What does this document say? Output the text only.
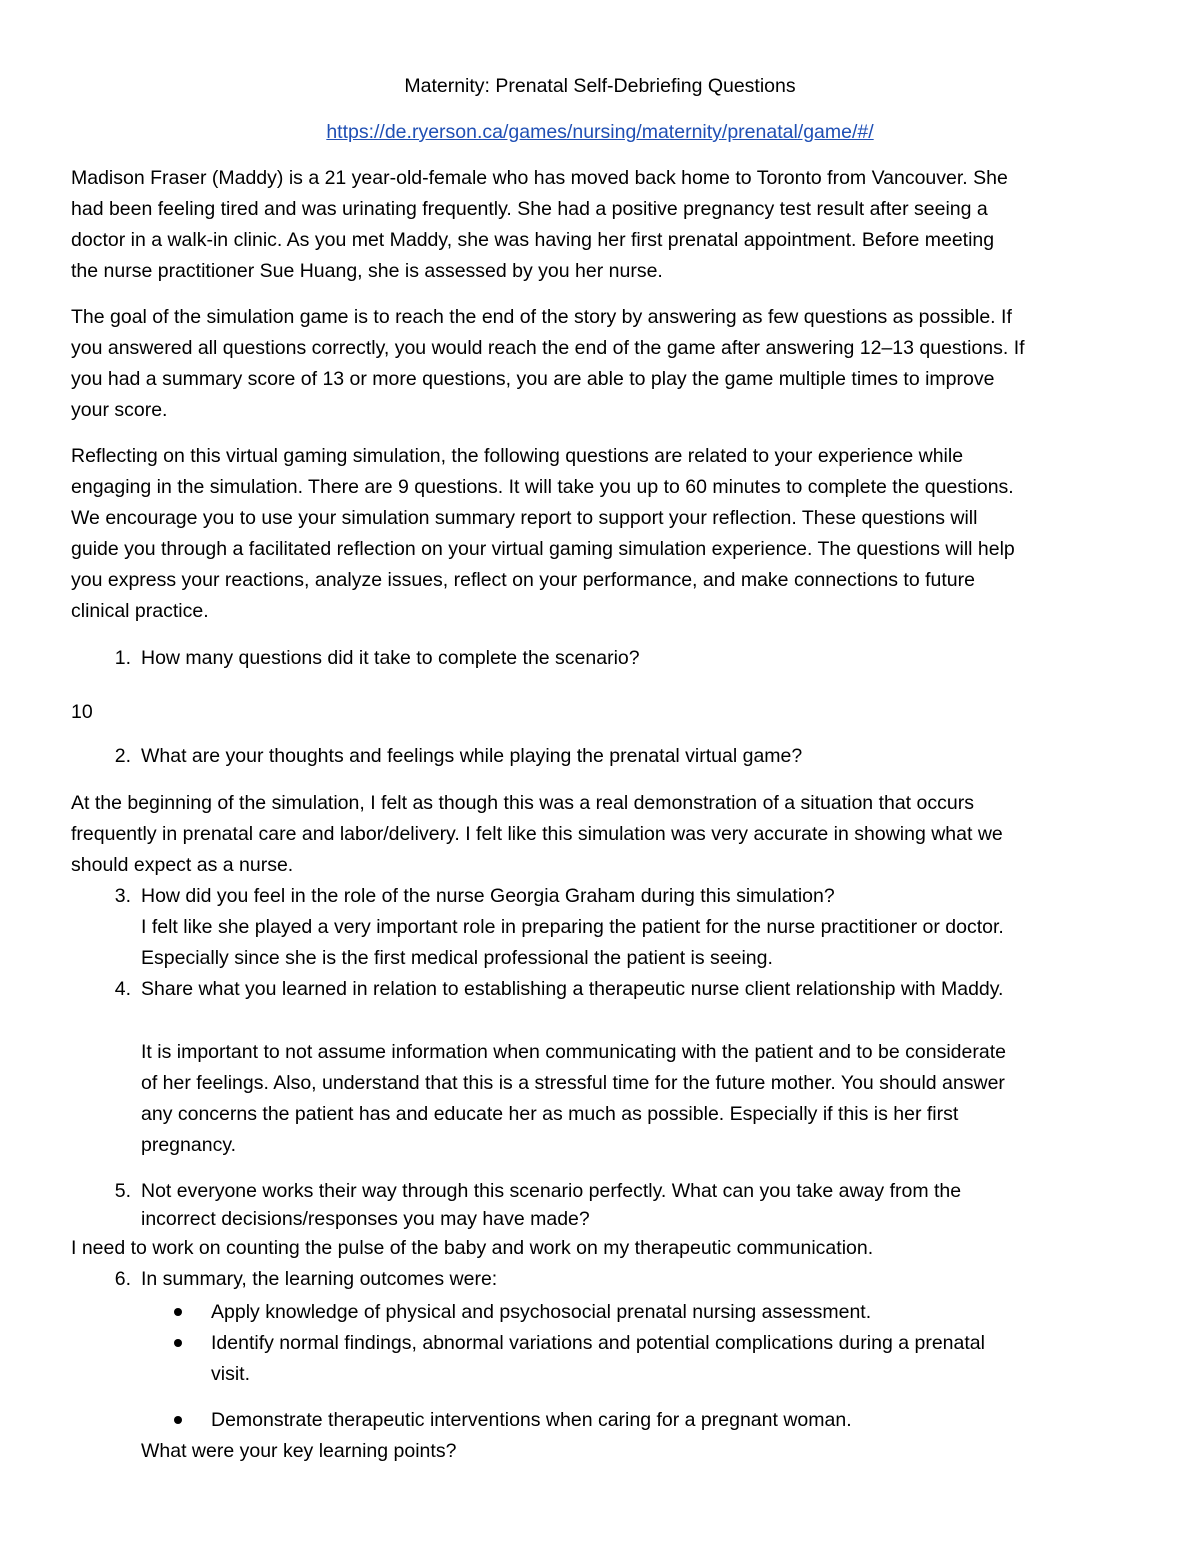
Maternity: Prenatal Self-Debriefing Questions
https://de.ryerson.ca/games/nursing/maternity/prenatal/game/#/
Madison Fraser (Maddy) is a 21 year-old-female who has moved back home to Toronto from Vancouver. She
had been feeling tired and was urinating frequently. She had a positive pregnancy test result after seeing a
doctor in a walk-in clinic. As you met Maddy, she was having her first prenatal appointment. Before meeting
the nurse practitioner Sue Huang, she is assessed by you her nurse.
The goal of the simulation game is to reach the end of the story by answering as few questions as possible. If
you answered all questions correctly, you would reach the end of the game after answering 12–13 questions. If
you had a summary score of 13 or more questions, you are able to play the game multiple times to improve
your score.
Reflecting on this virtual gaming simulation, the following questions are related to your experience while
engaging in the simulation. There are 9 questions. It will take you up to 60 minutes to complete the questions.
We encourage you to use your simulation summary report to support your reflection. These questions will
guide you through a facilitated reflection on your virtual gaming simulation experience. The questions will help
you express your reactions, analyze issues, reflect on your performance, and make connections to future
clinical practice.
1. How many questions did it take to complete the scenario?
10
2. What are your thoughts and feelings while playing the prenatal virtual game?
At the beginning of the simulation, I felt as though this was a real demonstration of a situation that occurs
frequently in prenatal care and labor/delivery. I felt like this simulation was very accurate in showing what we
should expect as a nurse.
3. How did you feel in the role of the nurse Georgia Graham during this simulation?
I felt like she played a very important role in preparing the patient for the nurse practitioner or doctor.
Especially since she is the first medical professional the patient is seeing.
4. Share what you learned in relation to establishing a therapeutic nurse client relationship with Maddy.
It is important to not assume information when communicating with the patient and to be considerate
of her feelings. Also, understand that this is a stressful time for the future mother. You should answer
any concerns the patient has and educate her as much as possible. Especially if this is her first
pregnancy.
5. Not everyone works their way through this scenario perfectly. What can you take away from the
incorrect decisions/responses you may have made?
I need to work on counting the pulse of the baby and work on my therapeutic communication.
6. In summary, the learning outcomes were:
Apply knowledge of physical and psychosocial prenatal nursing assessment.
Identify normal findings, abnormal variations and potential complications during a prenatal
visit.
Demonstrate therapeutic interventions when caring for a pregnant woman.
What were your key learning points?
